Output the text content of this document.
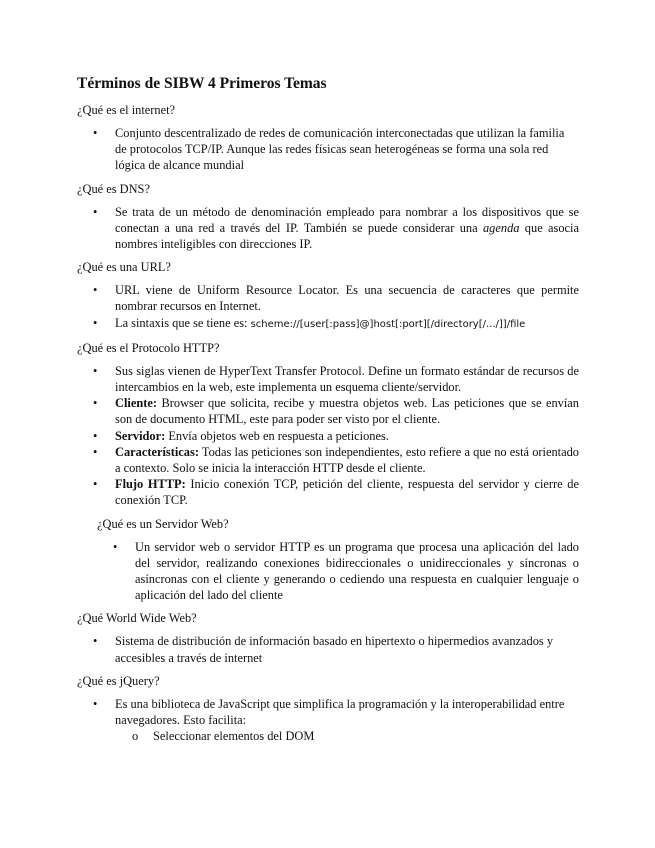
Términos de SIBW 4 Primeros Temas

¿Qué es el internet?

• Conjunto descentralizado de redes de comunicación interconectadas que utilizan la familia de protocolos TCP/IP. Aunque las redes físicas sean heterogéneas se forma una sola red lógica de alcance mundial

¿Qué es DNS?

• Se trata de un método de denominación empleado para nombrar a los dispositivos que se conectan a una red a través del IP. También se puede considerar una agenda que asocia nombres inteligibles con direcciones IP.

¿Qué es una URL?

• URL viene de Uniform Resource Locator. Es una secuencia de caracteres que permite nombrar recursos en Internet.
• La sintaxis que se tiene es: scheme://[user[:pass]@]host[:port][/directory[/.../]]/file

¿Qué es el Protocolo HTTP?

• Sus siglas vienen de HyperText Transfer Protocol. Define un formato estándar de recursos de intercambios en la web, este implementa un esquema cliente/servidor.
• Cliente: Browser que solicita, recibe y muestra objetos web. Las peticiones que se envían son de documento HTML, este para poder ser visto por el cliente.
• Servidor: Envía objetos web en respuesta a peticiones.
• Características: Todas las peticiones son independientes, esto refiere a que no está orientado a contexto. Solo se inicia la interacción HTTP desde el cliente.
• Flujo HTTP: Inicio conexión TCP, petición del cliente, respuesta del servidor y cierre de conexión TCP.

¿Qué es un Servidor Web?

• Un servidor web o servidor HTTP es un programa que procesa una aplicación del lado del servidor, realizando conexiones bidireccionales o unidireccionales y síncronas o asíncronas con el cliente y generando o cediendo una respuesta en cualquier lenguaje o aplicación del lado del cliente

¿Qué World Wide Web?

• Sistema de distribución de información basado en hipertexto o hipermedios avanzados y accesibles a través de internet

¿Qué es jQuery?

• Es una biblioteca de JavaScript que simplifica la programación y la interoperabilidad entre navegadores. Esto facilita:
o Seleccionar elementos del DOM
